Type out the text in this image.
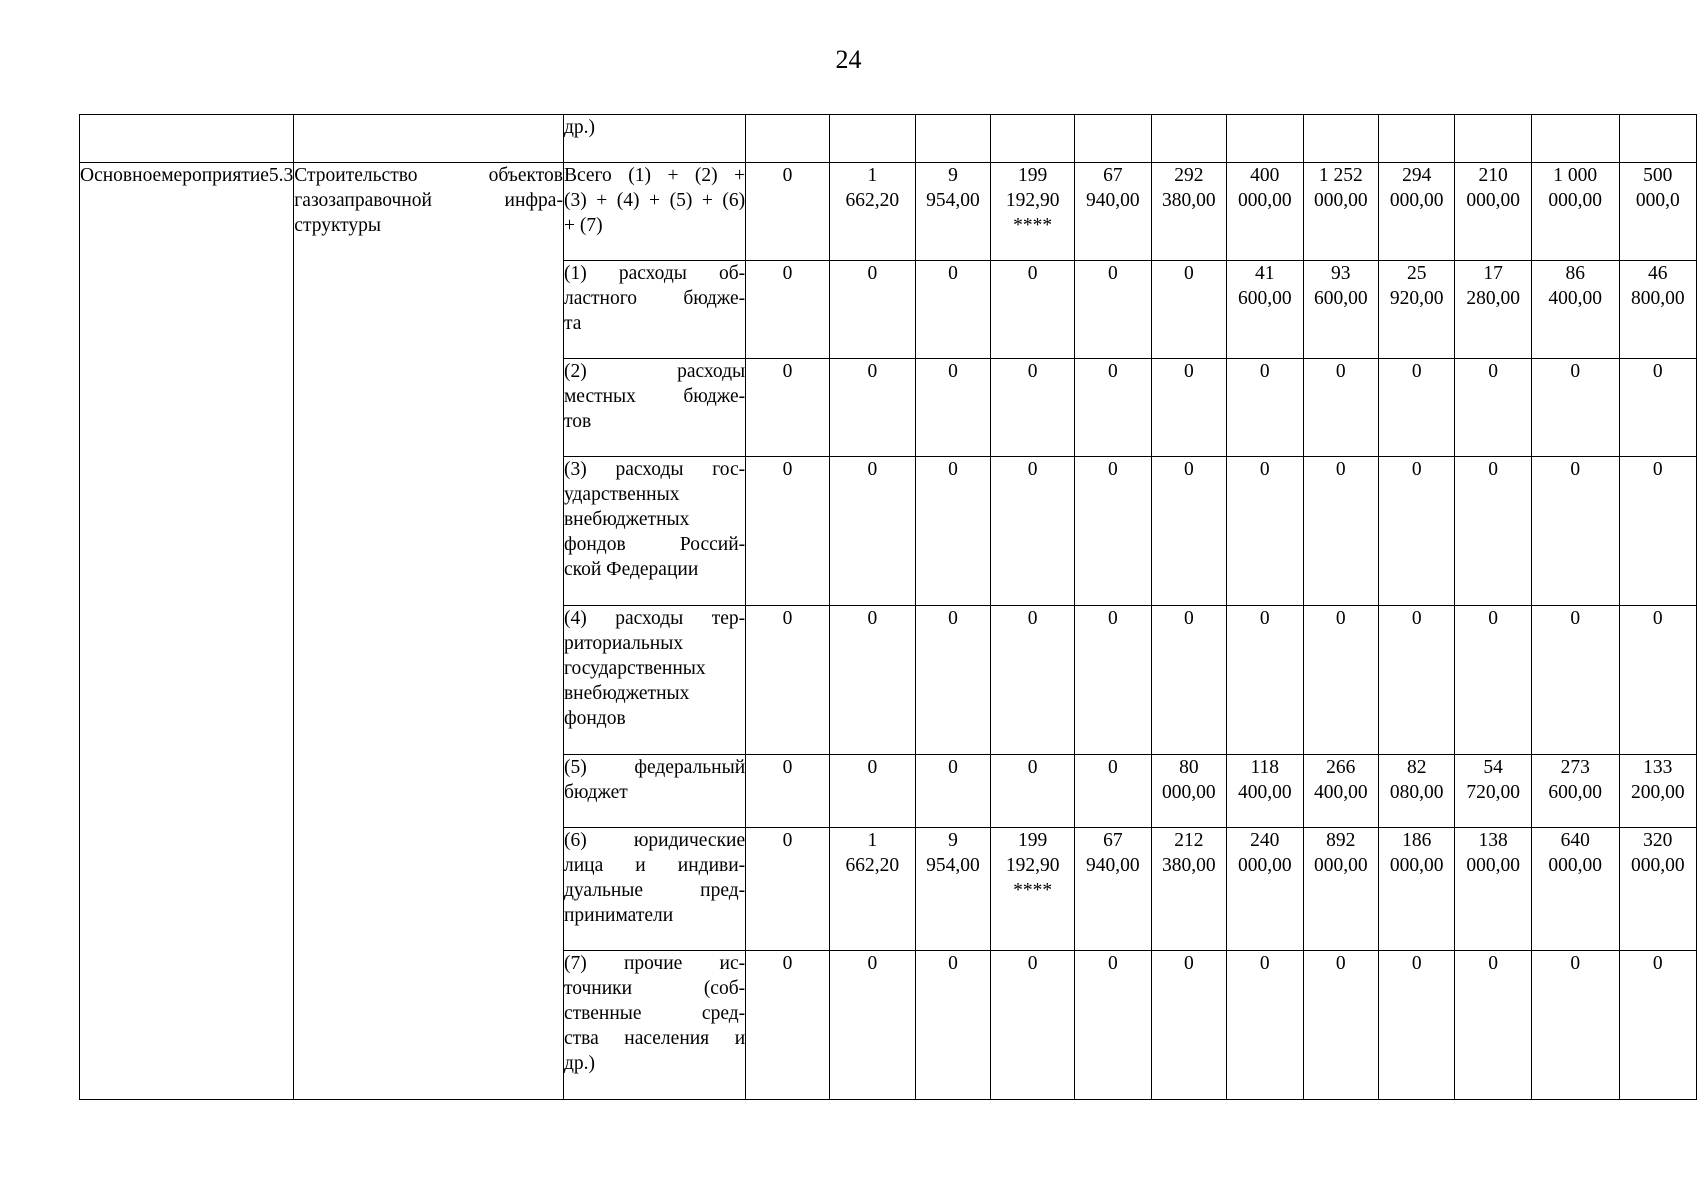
24

		др.)												

Основноемероприятие5.3	Строительство объектов
газозаправочной инфра-
структуры	Всего (1) + (2) +
(3) + (4) + (5) + (6)
+ (7)	0	1
662,20	9
954,00	199
192,90
****	67
940,00	292
380,00	400
000,00	1 252
000,00	294
000,00	210
000,00	1 000
000,00	500
000,0

		(1) расходы об-
ластного бюдже-
та	0	0	0	0	0	0	41
600,00	93
600,00	25
920,00	17
280,00	86
400,00	46
800,00

		(2) расходы
местных бюдже-
тов	0	0	0	0	0	0	0	0	0	0	0	0

		(3) расходы гос-
ударственных
внебюджетных
фондов Россий-
ской Федерации	0	0	0	0	0	0	0	0	0	0	0	0

		(4) расходы тер-
риториальных
государственных
внебюджетных
фондов	0	0	0	0	0	0	0	0	0	0	0	0

		(5) федеральный
бюджет	0	0	0	0	0	80
000,00	118
400,00	266
400,00	82
080,00	54
720,00	273
600,00	133
200,00

		(6) юридические
лица и индиви-
дуальные пред-
приниматели	0	1
662,20	9
954,00	199
192,90
****	67
940,00	212
380,00	240
000,00	892
000,00	186
000,00	138
000,00	640
000,00	320
000,00

		(7) прочие ис-
точники (соб-
ственные сред-
ства населения и
др.)	0	0	0	0	0	0	0	0	0	0	0	0
